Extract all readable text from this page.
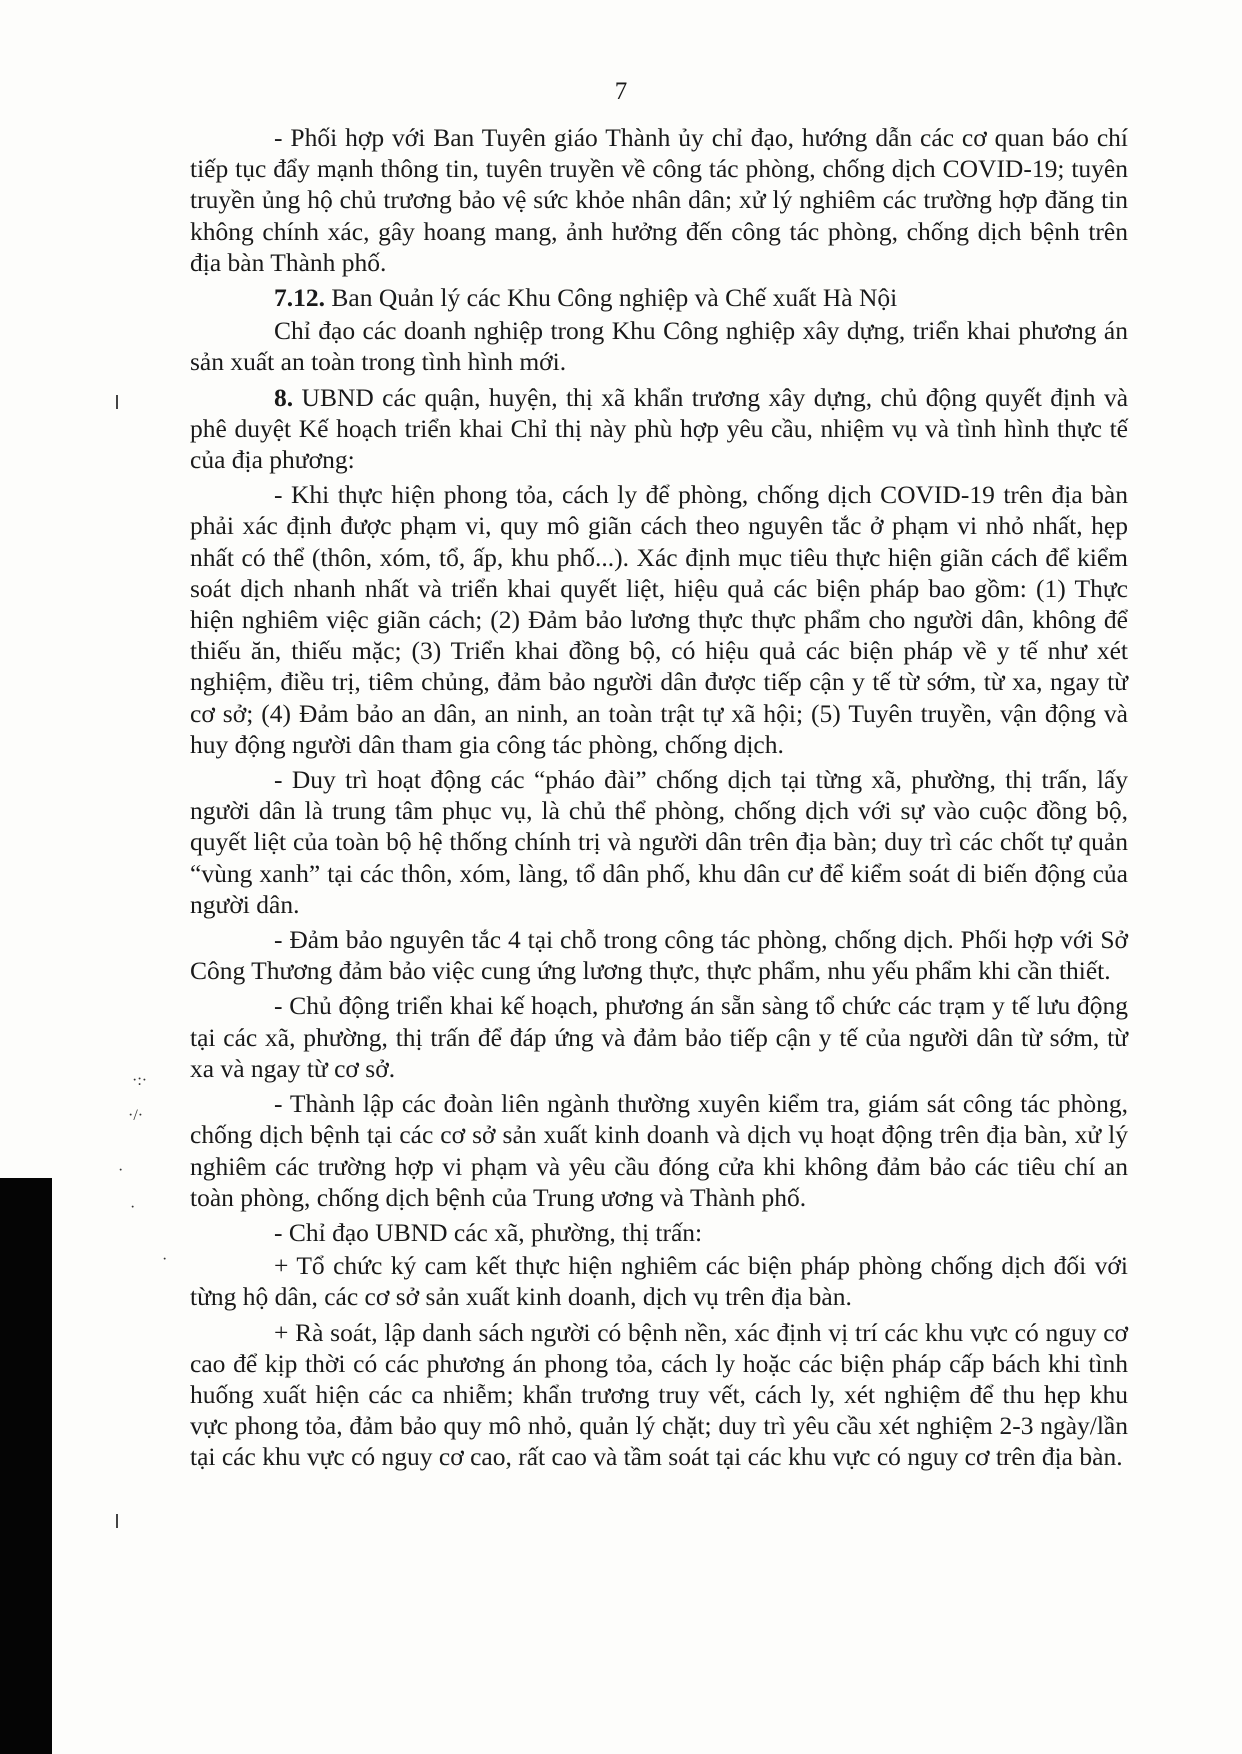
7

- Phối hợp với Ban Tuyên giáo Thành ủy chỉ đạo, hướng dẫn các cơ quan báo chí tiếp tục đẩy mạnh thông tin, tuyên truyền về công tác phòng, chống dịch COVID-19; tuyên truyền ủng hộ chủ trương bảo vệ sức khỏe nhân dân; xử lý nghiêm các trường hợp đăng tin không chính xác, gây hoang mang, ảnh hưởng đến công tác phòng, chống dịch bệnh trên địa bàn Thành phố.

7.12. Ban Quản lý các Khu Công nghiệp và Chế xuất Hà Nội

Chỉ đạo các doanh nghiệp trong Khu Công nghiệp xây dựng, triển khai phương án sản xuất an toàn trong tình hình mới.

8. UBND các quận, huyện, thị xã khẩn trương xây dựng, chủ động quyết định và phê duyệt Kế hoạch triển khai Chỉ thị này phù hợp yêu cầu, nhiệm vụ và tình hình thực tế của địa phương:

- Khi thực hiện phong tỏa, cách ly để phòng, chống dịch COVID-19 trên địa bàn phải xác định được phạm vi, quy mô giãn cách theo nguyên tắc ở phạm vi nhỏ nhất, hẹp nhất có thể (thôn, xóm, tổ, ấp, khu phố...). Xác định mục tiêu thực hiện giãn cách để kiểm soát dịch nhanh nhất và triển khai quyết liệt, hiệu quả các biện pháp bao gồm: (1) Thực hiện nghiêm việc giãn cách; (2) Đảm bảo lương thực thực phẩm cho người dân, không để thiếu ăn, thiếu mặc; (3) Triển khai đồng bộ, có hiệu quả các biện pháp về y tế như xét nghiệm, điều trị, tiêm chủng, đảm bảo người dân được tiếp cận y tế từ sớm, từ xa, ngay từ cơ sở; (4) Đảm bảo an dân, an ninh, an toàn trật tự xã hội; (5) Tuyên truyền, vận động và huy động người dân tham gia công tác phòng, chống dịch.

- Duy trì hoạt động các “pháo đài” chống dịch tại từng xã, phường, thị trấn, lấy người dân là trung tâm phục vụ, là chủ thể phòng, chống dịch với sự vào cuộc đồng bộ, quyết liệt của toàn bộ hệ thống chính trị và người dân trên địa bàn; duy trì các chốt tự quản “vùng xanh” tại các thôn, xóm, làng, tổ dân phố, khu dân cư để kiểm soát di biến động của người dân.

- Đảm bảo nguyên tắc 4 tại chỗ trong công tác phòng, chống dịch. Phối hợp với Sở Công Thương đảm bảo việc cung ứng lương thực, thực phẩm, nhu yếu phẩm khi cần thiết.

- Chủ động triển khai kế hoạch, phương án sẵn sàng tổ chức các trạm y tế lưu động tại các xã, phường, thị trấn để đáp ứng và đảm bảo tiếp cận y tế của người dân từ sớm, từ xa và ngay từ cơ sở.

- Thành lập các đoàn liên ngành thường xuyên kiểm tra, giám sát công tác phòng, chống dịch bệnh tại các cơ sở sản xuất kinh doanh và dịch vụ hoạt động trên địa bàn, xử lý nghiêm các trường hợp vi phạm và yêu cầu đóng cửa khi không đảm bảo các tiêu chí an toàn phòng, chống dịch bệnh của Trung ương và Thành phố.

- Chỉ đạo UBND các xã, phường, thị trấn:

+ Tổ chức ký cam kết thực hiện nghiêm các biện pháp phòng chống dịch đối với từng hộ dân, các cơ sở sản xuất kinh doanh, dịch vụ trên địa bàn.

+ Rà soát, lập danh sách người có bệnh nền, xác định vị trí các khu vực có nguy cơ cao để kịp thời có các phương án phong tỏa, cách ly hoặc các biện pháp cấp bách khi tình huống xuất hiện các ca nhiễm; khẩn trương truy vết, cách ly, xét nghiệm để thu hẹp khu vực phong tỏa, đảm bảo quy mô nhỏ, quản lý chặt; duy trì yêu cầu xét nghiệm 2-3 ngày/lần tại các khu vực có nguy cơ cao, rất cao và tầm soát tại các khu vực có nguy cơ trên địa bàn.

·:·
·/·
·
·
·
